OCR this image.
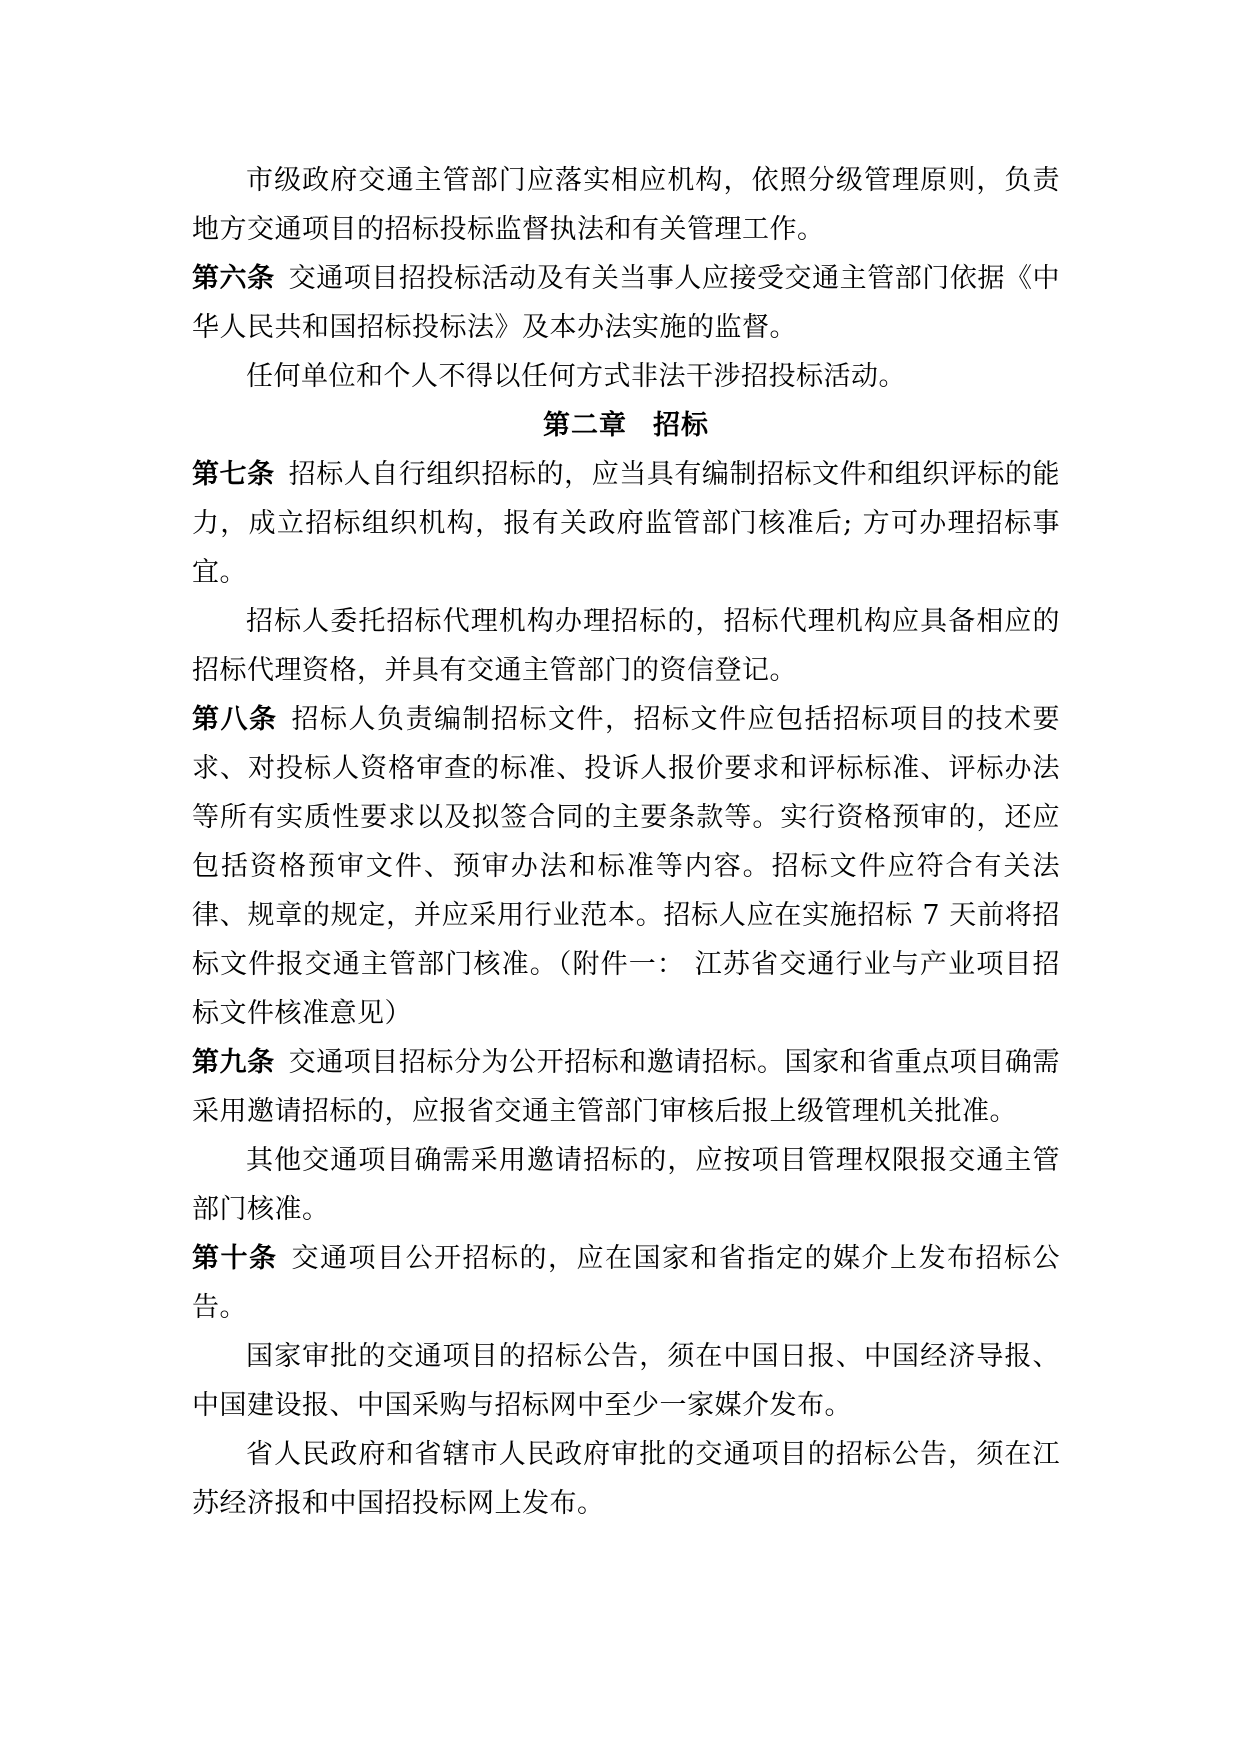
市级政府交通主管部门应落实相应机构，依照分级管理原则，负责地方交通项目的招标投标监督执法和有关管理工作。

第六条 交通项目招投标活动及有关当事人应接受交通主管部门依据《中华人民共和国招标投标法》及本办法实施的监督。

任何单位和个人不得以任何方式非法干涉招投标活动。

第二章 招标

第七条 招标人自行组织招标的，应当具有编制招标文件和组织评标的能力，成立招标组织机构，报有关政府监管部门核准后; 方可办理招标事宜。

招标人委托招标代理机构办理招标的，招标代理机构应具备相应的招标代理资格，并具有交通主管部门的资信登记。

第八条 招标人负责编制招标文件，招标文件应包括招标项目的技术要求、对投标人资格审查的标准、投诉人报价要求和评标标准、评标办法等所有实质性要求以及拟签合同的主要条款等。实行资格预审的，还应包括资格预审文件、预审办法和标准等内容。招标文件应符合有关法律、规章的规定，并应采用行业范本。招标人应在实施招标 7 天前将招标文件报交通主管部门核准。（附件一： 江苏省交通行业与产业项目招标文件核准意见）

第九条 交通项目招标分为公开招标和邀请招标。国家和省重点项目确需采用邀请招标的，应报省交通主管部门审核后报上级管理机关批准。

其他交通项目确需采用邀请招标的，应按项目管理权限报交通主管部门核准。

第十条 交通项目公开招标的，应在国家和省指定的媒介上发布招标公告。

国家审批的交通项目的招标公告，须在中国日报、中国经济导报、中国建设报、中国采购与招标网中至少一家媒介发布。

省人民政府和省辖市人民政府审批的交通项目的招标公告，须在江苏经济报和中国招投标网上发布。
